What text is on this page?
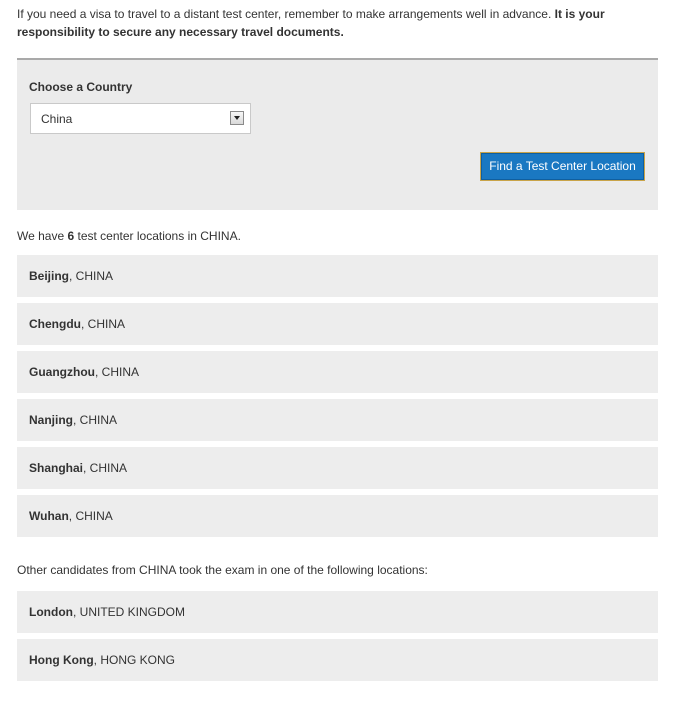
If you need a visa to travel to a distant test center, remember to make arrangements well in advance. It is your responsibility to secure any necessary travel documents.

Choose a Country
China
Find a Test Center Location
We have 6 test center locations in CHINA.
Beijing, CHINA
Chengdu, CHINA
Guangzhou, CHINA
Nanjing, CHINA
Shanghai, CHINA
Wuhan, CHINA
Other candidates from CHINA took the exam in one of the following locations:
London, UNITED KINGDOM
Hong Kong, HONG KONG
